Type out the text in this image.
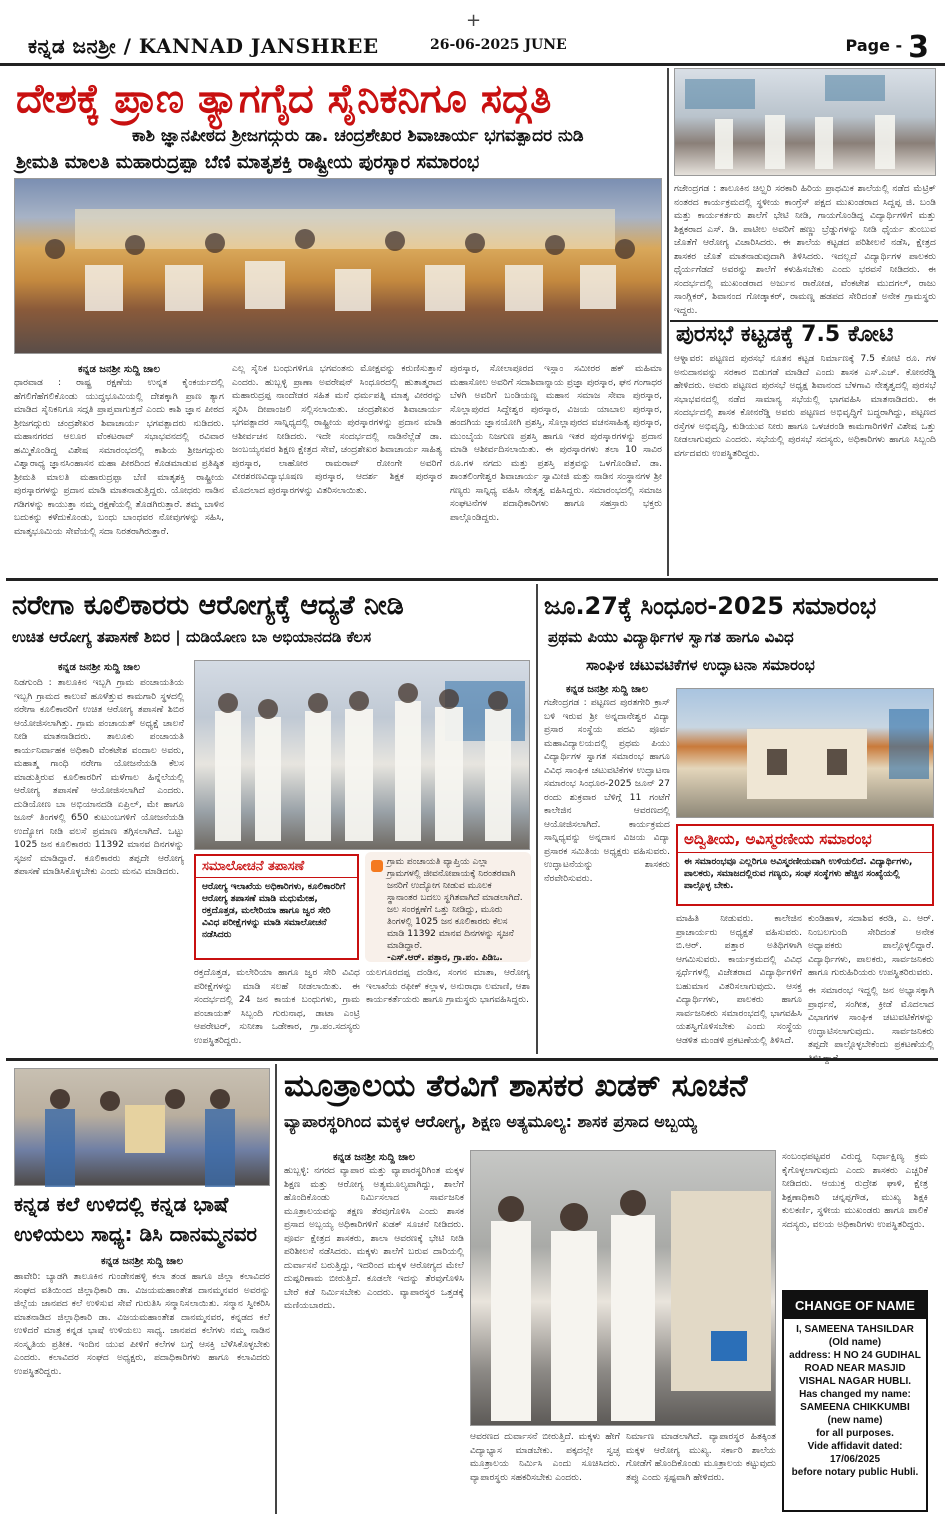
+
ಕನ್ನಡ ಜನಶ್ರೀ / KANNAD JANSHREE	26-06-2025 JUNE	Page - 3
ದೇಶಕ್ಕೆ ಪ್ರಾಣ ತ್ಯಾಗಗೈದ ಸೈನಿಕನಿಗೂ ಸದ್ಗತಿ
ಕಾಶಿ ಜ್ಞಾನಪೀಠದ ಶ್ರೀಜಗದ್ಗುರು ಡಾ. ಚಂದ್ರಶೇಖರ ಶಿವಾಚಾರ್ಯ ಭಗವತ್ಪಾದರ ನುಡಿ
ಶ್ರೀಮತಿ ಮಾಲತಿ ಮಹಾರುದ್ರಪ್ಪಾ ಬೆಣಿ ಮಾತೃಶಕ್ತಿ ರಾಷ್ಟ್ರೀಯ ಪುರಸ್ಕಾರ ಸಮಾರಂಭ
ಕನ್ನಡ ಜನಶ್ರೀ ಸುದ್ದಿ ಜಾಲ
ಧಾರವಾಡ : ರಾಷ್ಟ್ರ ರಕ್ಷಣೆಯ ಉನ್ನತ ಕೈಂಕರ್ಯದಲ್ಲಿ ಹೆಗಲಿಗೆಹೆಗಲಿಕೊಂಡು ಯುದ್ಧಭೂಮಿಯಲ್ಲಿ ದೇಶಕ್ಕಾಗಿ ಪ್ರಾಣ ತ್ಯಾಗ ಮಾಡಿದ ಸೈನಿಕನಿಗೂ ಸದ್ಗತಿ ಪ್ರಾಪ್ತವಾಗುತ್ತದೆ ಎಂದು ಕಾಶಿ ಜ್ಞಾನ ಪೀಠದ ಶ್ರೀಜಗದ್ಗುರು ಚಂದ್ರಶೇಖರ ಶಿವಾಚಾರ್ಯ ಭಗವತ್ಪಾದರು ನುಡಿದರು. ಮಹಾನಗರದ ಆಲೂರ ವೆಂಕಟರಾವ್ ಸಭಾಭವನದಲ್ಲಿ ರವಿವಾರ ಹಮ್ಮಿಕೊಂಡಿದ್ದ ವಿಶೇಷ ಸಮಾರಂಭದಲ್ಲಿ ಕಾಶಿಯ ಶ್ರೀಜಗದ್ಗುರು ವಿಶ್ವಾರಾಧ್ಯ ಜ್ಞಾನಸಿಂಹಾಸನ ಮಹಾ ಪೀಠದಿಂದ ಕೊಡಮಾಡುವ ಪ್ರತಿಷ್ಠಿತ ಶ್ರೀಮತಿ ಮಾಲತಿ ಮಹಾರುದ್ರಪ್ಪಾ ಬೆಣಿ ಮಾತೃಶಕ್ತಿ ರಾಷ್ಟ್ರೀಯ ಪುರಸ್ಕಾರಗಳನ್ನು ಪ್ರದಾನ ಮಾಡಿ ಮಾತನಾಡುತ್ತಿದ್ದರು. ಯೋಧರು ನಾಡಿನ ಗಡಿಗಳನ್ನು ಕಾಯುತ್ತಾ ನಮ್ಮ ರಕ್ಷಣೆಯಲ್ಲಿ ತೊಡಗಿರುತ್ತಾರೆ. ತಮ್ಮ ಬಾಳಿನ ಬದುಕನ್ನು ಕಳೆದುಕೊಂಡು, ಬಂಧು ಬಾಂಧವರ ನೋವುಗಳನ್ನು ಸಹಿಸಿ, ಮಾತೃಭೂಮಿಯ ಸೇವೆಯಲ್ಲಿ ಸದಾ ನಿರತರಾಗಿರುತ್ತಾರೆ.
ಎಲ್ಲ ಸೈನಿಕ ಬಂಧುಗಳಿಗೂ ಭಗವಂತನು ಮೋಕ್ಷವನ್ನು ಕರುಣಿಸುತ್ತಾನೆ ಎಂದರು. ಹುಬ್ಬಳ್ಳಿ ಪ್ರಾಣಾ ಅವರೇಷನ್ ಸಿಂಧೂರದಲ್ಲಿ ಹುತಾತ್ಮರಾದ ಮಹಾರುದ್ರಪ್ಪ ನಾಂದೇಡರ ಸಹಿತ ಮನೆ ಧರ್ಮಪತ್ನಿ ಮಾತೃ ವೀರರನ್ನು ಸ್ಮರಿಸಿ ದೀಪಾಂಜಲಿ ಸಲ್ಲಿಸಲಾಯಿತು. ಚಂದ್ರಶೇಖರ ಶಿವಾಚಾರ್ಯ ಭಗವತ್ಪಾದರ ಸಾನ್ನಿಧ್ಯದಲ್ಲಿ ರಾಷ್ಟ್ರೀಯ ಪುರಸ್ಕಾರಗಳನ್ನು ಪ್ರದಾನ ಮಾಡಿ ಆಶೀರ್ವಚನ ನೀಡಿದರು. ಇದೇ ಸಂದರ್ಭದಲ್ಲಿ ನಾಡಿನೆಲ್ಲೆಡೆ ಡಾ. ಜಂಬಯ್ಯನವರ ಶಿಕ್ಷಣ ಕ್ಷೇತ್ರದ ಸೇವೆ, ಚಂದ್ರಶೇಖರ ಶಿವಾಚಾರ್ಯ ಸಾಹಿತ್ಯ ಪುರಸ್ಕಾರ, ಲಾಹೋರ ರಾಮರಾವ್ ರೋಂಗೇ ಅವರಿಗೆ ವೀರಶರಣವಿದ್ಯಾಭೂಷಣ ಪುರಸ್ಕಾರ, ಆದರ್ಶ ಶಿಕ್ಷಕ ಪುರಸ್ಕಾರ ಮೊದಲಾದ ಪುರಸ್ಕಾರಗಳನ್ನು ವಿತರಿಸಲಾಯಿತು.
ಪುರಸ್ಕಾರ, ಸೋಲಾಪೂರದ ಇಸ್ಲಾಂ ಸಮೀರರ ಹಕ್ ಮಹಿಮಾ ಮಹಾಸೋಲ ಅವರಿಗೆ ಸದಾಶಿವಾನ್ನಾಯ ಪ್ರಜ್ಞಾ ಪುರಸ್ಕಾರ, ಘನ ಗಂಗಾಧರ ಬೆಳಗಿ ಅವರಿಗೆ ಬಂಡಿಯಣ್ಣ ಮಹಾನ ಸಮಾಜ ಸೇವಾ ಪುರಸ್ಕಾರ, ಸೊಲ್ಲಾಪುರದ ಸಿದ್ದೇಶ್ವರ ಪುರಸ್ಕಾರ, ವಿಜಯ ಯಾಬಾಲ ಪುರಸ್ಕಾರ, ಹಂದಗಿಯ ಜ್ಞಾನಯೋಗಿ ಪ್ರಶಸ್ತಿ, ಸೊಲ್ಲಾಪುರದ ವಚನಸಾಹಿತ್ಯ ಪುರಸ್ಕಾರ, ಮುಂಬೈಯ ನಿಜಗುಣ ಪ್ರಶಸ್ತಿ ಹಾಗೂ ಇತರ ಪುರಸ್ಕಾರಗಳನ್ನು ಪ್ರದಾನ ಮಾಡಿ ಆಶೀರ್ವದಿಸಲಾಯಿತು. ಈ ಪುರಸ್ಕಾರಗಳು ತಲಾ 10 ಸಾವಿರ ರೂ.ಗಳ ನಗದು ಮತ್ತು ಪ್ರಶಸ್ತಿ ಪತ್ರವನ್ನು ಒಳಗೊಂಡಿವೆ. ಡಾ. ಶಾಂತಲಿಂಗೇಶ್ವರ ಶಿವಾಚಾರ್ಯ ಸ್ವಾಮೀಜಿ ಮತ್ತು ನಾಡಿನ ಸಂಸ್ಥಾನಗಳ ಶ್ರೀ ಗಣ್ಯರು ಸಾನ್ನಿಧ್ಯ ವಹಿಸಿ ನೇತೃತ್ವ ವಹಿಸಿದ್ದರು. ಸಮಾರಂಭದಲ್ಲಿ ಸಮಾಜ ಸಂಘಟನೆಗಳ ಪದಾಧಿಕಾರಿಗಳು ಹಾಗೂ ಸಹಸ್ರಾರು ಭಕ್ತರು ಪಾಲ್ಗೊಂಡಿದ್ದರು.
ಗಜೇಂದ್ರಗಡ : ತಾಲೂಕಿನ ಚಿಲ್ಝರಿ ಸರಕಾರಿ ಹಿರಿಯ ಪ್ರಾಥಮಿಕ ಶಾಲೆಯಲ್ಲಿ ನಡೆದ ಮೆಟ್ರಿಕ್ ನಂತರದ ಕಾರ್ಯಕ್ರಮದಲ್ಲಿ ಸ್ಥಳೀಯ ಕಾಂಗ್ರೆಸ್ ಪಕ್ಷದ ಮುಖಂಡರಾದ ಸಿದ್ದಪ್ಪ ಜಿ. ಬಂಡಿ ಮತ್ತು ಕಾರ್ಯಕರ್ತರು ಶಾಲೆಗೆ ಭೇಟಿ ನೀಡಿ, ಗಾಯಗೊಂಡಿದ್ದ ವಿದ್ಯಾರ್ಥಿಗಳಿಗೆ ಮತ್ತು ಶಿಕ್ಷಕರಾದ ಎಸ್. ಡಿ. ಪಾಟೀಲ ಅವರಿಗೆ ಹಣ್ಣು ಬ್ರೆಡ್ಡುಗಳನ್ನು ನೀಡಿ ಧೈರ್ಯ ತುಂಬುವ ಜೊತೆಗೆ ಆರೋಗ್ಯ ವಿಚಾರಿಸಿದರು. ಈ ಶಾಲೆಯ ಕಟ್ಟಡದ ಪರಿಶೀಲನೆ ನಡೆಸಿ, ಕ್ಷೇತ್ರದ ಶಾಸಕರ ಜೊತೆ ಮಾತನಾಡುವುದಾಗಿ ತಿಳಿಸಿದರು. ಇದಲ್ಲದೆ ವಿದ್ಯಾರ್ಥಿಗಳ ಪಾಲಕರು ಧೈರ್ಯಗೆಡದೆ ಅವರನ್ನು ಶಾಲೆಗೆ ಕಳುಹಿಸಬೇಕು ಎಂದು ಭರವಸೆ ನೀಡಿದರು. ಈ ಸಂದರ್ಭದಲ್ಲಿ ಮುಖಂಡರಾದ ಅರ್ಜುನ ರಾಠೋಡ, ವೆಂಕಟೇಶ ಮುದಗಲ್, ರಾಜು ಸಾಂಗ್ಲಿಕರ್, ಶಿವಾನಂದ ಗೋಡ್ಕಾಕರ್, ರಾಮಣ್ಣ ಹಡಪದ ಸೇರಿದಂತೆ ಅನೇಕ ಗ್ರಾಮಸ್ಥರು ಇದ್ದರು.
ಪುರಸಭೆ ಕಟ್ಟಡಕ್ಕೆ 7.5 ಕೋಟಿ
ಆಳ್ನಾವರ: ಪಟ್ಟಣದ ಪುರಸಭೆ ನೂತನ ಕಟ್ಟಡ ನಿರ್ಮಾಣಕ್ಕೆ 7.5 ಕೋಟಿ ರೂ. ಗಳ ಅನುದಾನವನ್ನು ಸರಕಾರ ಬಿಡುಗಡೆ ಮಾಡಿದೆ ಎಂದು ಶಾಸಕ ಎಸ್.ಎಚ್. ಕೋನರೆಡ್ಡಿ ಹೇಳಿದರು. ಅವರು ಪಟ್ಟಣದ ಪುರಸಭೆ ಅಧ್ಯಕ್ಷ ಶಿವಾನಂದ ಬೆಳಗಾವಿ ನೇತೃತ್ವದಲ್ಲಿ ಪುರಸಭೆ ಸಭಾಭವನದಲ್ಲಿ ನಡೆದ ಸಾಮಾನ್ಯ ಸಭೆಯಲ್ಲಿ ಭಾಗವಹಿಸಿ ಮಾತನಾಡಿದರು. ಈ ಸಂದರ್ಭದಲ್ಲಿ ಶಾಸಕ ಕೋನರೆಡ್ಡಿ ಅವರು ಪಟ್ಟಣದ ಅಭಿವೃದ್ಧಿಗೆ ಬದ್ಧರಾಗಿದ್ದು, ಪಟ್ಟಣದ ರಸ್ತೆಗಳ ಅಭಿವೃದ್ಧಿ, ಕುಡಿಯುವ ನೀರು ಹಾಗೂ ಒಳಚರಂಡಿ ಕಾಮಗಾರಿಗಳಿಗೆ ವಿಶೇಷ ಒತ್ತು ನೀಡಲಾಗುವುದು ಎಂದರು. ಸಭೆಯಲ್ಲಿ ಪುರಸಭೆ ಸದಸ್ಯರು, ಅಧಿಕಾರಿಗಳು ಹಾಗೂ ಸಿಬ್ಬಂದಿ ವರ್ಗದವರು ಉಪಸ್ಥಿತರಿದ್ದರು.
ನರೇಗಾ ಕೂಲಿಕಾರರು ಆರೋಗ್ಯಕ್ಕೆ ಆದ್ಯತೆ ನೀಡಿ
ಉಚಿತ ಆರೋಗ್ಯ ತಪಾಸಣೆ ಶಿಬಿರ | ದುಡಿಯೋಣ ಬಾ ಅಭಿಯಾನದಡಿ ಕೆಲಸ
ಕನ್ನಡ ಜನಶ್ರೀ ಸುದ್ದಿ ಜಾಲ
ನಿಡಗುಂದಿ : ತಾಲೂಕಿನ ಇಬ್ಬಗಿ ಗ್ರಾಮ ಪಂಚಾಯತಿಯ ಇಬ್ಬಗಿ ಗ್ರಾಮದ ಕಾಲುವೆ ಹೂಳೆತ್ತುವ ಕಾಮಗಾರಿ ಸ್ಥಳದಲ್ಲಿ ನರೇಗಾ ಕೂಲಿಕಾರರಿಗೆ ಉಚಿತ ಆರೋಗ್ಯ ತಪಾಸಣೆ ಶಿಬಿರ ಆಯೋಜಿಸಲಾಗಿತ್ತು. ಗ್ರಾಮ ಪಂಚಾಯತ್ ಅಧ್ಯಕ್ಷೆ ಚಾಲನೆ ನೀಡಿ ಮಾತನಾಡಿದರು. ತಾಲೂಕು ಪಂಚಾಯತಿ ಕಾರ್ಯನಿರ್ವಾಹಕ ಅಧಿಕಾರಿ ವೆಂಕಟೇಶ ವಂದಾಲ ಅವರು, ಮಹಾತ್ಮ ಗಾಂಧಿ ನರೇಗಾ ಯೋಜನೆಯಡಿ ಕೆಲಸ ಮಾಡುತ್ತಿರುವ ಕೂಲಿಕಾರರಿಗೆ ಮಳೆಗಾಲ ಹಿನ್ನೆಲೆಯಲ್ಲಿ ಆರೋಗ್ಯ ತಪಾಸಣೆ ಆಯೋಜಿಸಲಾಗಿದೆ ಎಂದರು. ದುಡಿಯೋಣ ಬಾ ಅಭಿಯಾನದಡಿ ಏಪ್ರಿಲ್, ಮೇ ಹಾಗೂ ಜೂನ್ ತಿಂಗಳಲ್ಲಿ 650 ಕುಟುಂಬಗಳಿಗೆ ಯೋಜನೆಯಡಿ ಉದ್ಯೋಗ ನೀಡಿ ವಲಸೆ ಪ್ರಮಾಣ ತಗ್ಗಿಸಲಾಗಿದೆ. ಒಟ್ಟು 1025 ಜನ ಕೂಲಿಕಾರರು 11392 ಮಾನವ ದಿನಗಳನ್ನು ಸೃಜನೆ ಮಾಡಿದ್ದಾರೆ. ಕೂಲಿಕಾರರು ತಪ್ಪದೇ ಆರೋಗ್ಯ ತಪಾಸಣೆ ಮಾಡಿಸಿಕೊಳ್ಳಬೇಕು ಎಂದು ಮನವಿ ಮಾಡಿದರು.	ಸಮಾಲೋಚನೆ ತಪಾಸಣೆ
ಆರೋಗ್ಯ ಇಲಾಖೆಯ ಅಧಿಕಾರಿಗಳು, ಕೂಲಿಕಾರರಿಗೆ ಆರೋಗ್ಯ ತಪಾಸಣೆ ಮಾಡಿ ಮಧುಮೇಹ, ರಕ್ತದೊತ್ತಡ, ಮಲೇರಿಯಾ ಹಾಗೂ ಜ್ವರ ಸೇರಿ ವಿವಿಧ ಪರೀಕ್ಷೆಗಳನ್ನು ಮಾಡಿ ಸಮಾಲೋಚನೆ ನಡೆಸಿದರು
ಗ್ರಾಮ ಪಂಚಾಯತಿ ವ್ಯಾಪ್ತಿಯ ಎಲ್ಲಾ ಗ್ರಾಮಗಳಲ್ಲಿ ಜೀವನೋಪಾಯಕ್ಕೆ ನಿರಂತರವಾಗಿ ಜನರಿಗೆ ಉದ್ಯೋಗ ನೀಡುವ ಮೂಲಕ ಸ್ಥಾನಾಂತರ ಬದಲು ಸ್ಥಗಿತವಾಗಿದೆ ಮಾಡಲಾಗಿದೆ. ಜಲ ಸಂರಕ್ಷಣೆಗೆ ಒತ್ತು ನೀಡಿದ್ದು, ಮೂರು ತಿಂಗಳಲ್ಲಿ 1025 ಜನ ಕೂಲಿಕಾರರು ಕೆಲಸ ಮಾಡಿ 11392 ಮಾನವ ದಿನಗಳನ್ನು ಸೃಜನೆ ಮಾಡಿದ್ದಾರೆ.
-ಎಸ್.ಆರ್. ಪತ್ತಾರ, ಗ್ರಾ.ಪಂ. ಪಿಡಿಒ.
ರಕ್ತದೊತ್ತಡ, ಮಲೇರಿಯಾ ಹಾಗೂ ಜ್ವರ ಸೇರಿ ವಿವಿಧ ಪರೀಕ್ಷೆಗಳನ್ನು ಮಾಡಿ ಸಲಹೆ ನೀಡಲಾಯಿತು. ಈ ಸಂದರ್ಭದಲ್ಲಿ 24 ಜನ ಕಾಯಕ ಬಂಧುಗಳು, ಗ್ರಾಮ ಪಂಚಾಯತ್ ಸಿಬ್ಬಂದಿ ಗುರುನಾಥ, ಡಾಟಾ ಎಂಟ್ರಿ ಆಪರೇಟರ್, ಸುನೀತಾ ಒಡೇಕಾರ, ಗ್ರಾ.ಪಂ.ಸದಸ್ಯರು ಉಪಸ್ಥಿತರಿದ್ದರು.
ಯಲಗೂರದಪ್ಪ ದಂಡಿನ, ಸಂಗನ ಮಾತಾ, ಆರೋಗ್ಯ ಇಲಾಖೆಯ ರಫೀಕ್ ಕಲ್ಲಾಳ, ಅನುರಾಧಾ ಲಮಾಣಿ, ಆಶಾ ಕಾರ್ಯಕರ್ತೆಯರು ಹಾಗೂ ಗ್ರಾಮಸ್ಥರು ಭಾಗವಹಿಸಿದ್ದರು.
ಜೂ.27ಕ್ಕೆ ಸಿಂಧೂರ-2025 ಸಮಾರಂಭ
ಪ್ರಥಮ ಪಿಯು ವಿದ್ಯಾರ್ಥಿಗಳ ಸ್ವಾಗತ ಹಾಗೂ ವಿವಿಧ
ಸಾಂಘಿಕ ಚಟುವಟಿಕೆಗಳ ಉದ್ಘಾಟನಾ ಸಮಾರಂಭ
ಕನ್ನಡ ಜನಶ್ರೀ ಸುದ್ದಿ ಜಾಲ
ಗಜೇಂದ್ರಗಡ : ಪಟ್ಟಣದ ಪುರತಗೇರಿ ಕ್ರಾಸ್ ಬಳಿ ಇರುವ ಶ್ರೀ ಅನ್ನದಾನೇಶ್ವರ ವಿದ್ಯಾ ಪ್ರಸಾರ ಸಂಸ್ಥೆಯ ಪದವಿ ಪೂರ್ವ ಮಹಾವಿದ್ಯಾಲಯದಲ್ಲಿ ಪ್ರಥಮ ಪಿಯು ವಿದ್ಯಾರ್ಥಿಗಳ ಸ್ವಾಗತ ಸಮಾರಂಭ ಹಾಗೂ ವಿವಿಧ ಸಾಂಘಿಕ ಚಟುವಟಿಕೆಗಳ ಉದ್ಘಾಟನಾ ಸಮಾರಂಭ ಸಿಂಧೂರ-2025 ಜೂನ್ 27 ರಂದು ಶುಕ್ರವಾರ ಬೆಳಿಗ್ಗೆ 11 ಗಂಟೆಗೆ ಕಾಲೇಜಿನ ಆವರಣದಲ್ಲಿ ಆಯೋಜಿಸಲಾಗಿದೆ. ಕಾರ್ಯಕ್ರಮದ ಸಾನ್ನಿಧ್ಯವನ್ನು ಅನ್ನದಾನ ವಿಜಯ ವಿದ್ಯಾ ಪ್ರಸಾರಕ ಸಮಿತಿಯ ಅಧ್ಯಕ್ಷರು ವಹಿಸುವರು. ಉದ್ಘಾಟನೆಯನ್ನು ಶಾಸಕರು ನೆರವೇರಿಸುವರು.
ಅದ್ವಿತೀಯ, ಅವಿಸ್ಮರಣೀಯ ಸಮಾರಂಭ
ಈ ಸಮಾರಂಭವೂ ಎಲ್ಲರಿಗೂ ಅವಿಸ್ಮರಣೀಯವಾಗಿ ಉಳಿಯಲಿದೆ. ವಿದ್ಯಾರ್ಥಿಗಳು, ಪಾಲಕರು, ಸಮಾಜದಲ್ಲಿರುವ ಗಣ್ಯರು, ಸಂಘ ಸಂಸ್ಥೆಗಳು ಹೆಚ್ಚಿನ ಸಂಖ್ಯೆಯಲ್ಲಿ ಪಾಲ್ಗೊಳ್ಳ ಬೇಕು.
ಮಾಹಿತಿ ನೀಡುವರು. ಕಾಲೇಜಿನ ಪ್ರಾಚಾರ್ಯರು ಅಧ್ಯಕ್ಷತೆ ವಹಿಸುವರು. ಬಿ.ಆರ್. ಪತ್ತಾರ ಅತಿಥಿಗಳಾಗಿ ಆಗಮಿಸುವರು. ಕಾರ್ಯಕ್ರಮದಲ್ಲಿ ವಿವಿಧ ಸ್ಪರ್ಧೆಗಳಲ್ಲಿ ವಿಜೇತರಾದ ವಿದ್ಯಾರ್ಥಿಗಳಿಗೆ ಬಹುಮಾನ ವಿತರಿಸಲಾಗುವುದು. ಆಸಕ್ತ ವಿದ್ಯಾರ್ಥಿಗಳು, ಪಾಲಕರು ಹಾಗೂ ಸಾರ್ವಜನಿಕರು ಸಮಾರಂಭದಲ್ಲಿ ಭಾಗವಹಿಸಿ ಯಶಸ್ವಿಗೊಳಿಸಬೇಕು ಎಂದು ಸಂಸ್ಥೆಯ ಆಡಳಿತ ಮಂಡಳಿ ಪ್ರಕಟಣೆಯಲ್ಲಿ ತಿಳಿಸಿದೆ.
ಕುಂಡಿಹಾಳ, ಸದಾಶಿವ ಕರಡಿ, ಎ. ಆರ್. ನಿಂಬಲಗುಂದಿ ಸೇರಿದಂತೆ ಅನೇಕ ಅಧ್ಯಾಪಕರು ಪಾಲ್ಗೊಳ್ಳಲಿದ್ದಾರೆ. ವಿದ್ಯಾರ್ಥಿಗಳು, ಪಾಲಕರು, ಸಾರ್ವಜನಿಕರು ಹಾಗೂ ಗುರುಹಿರಿಯರು ಉಪಸ್ಥಿತರಿರುವರು.
ಈ ಸಮಾರಂಭ ಇದ್ದಲ್ಲಿ ಜನ ಅಭ್ಯಾಸಕ್ಕಾಗಿ ಪ್ರಾರ್ಥನೆ, ಸಂಗೀತ, ಕ್ರೀಡೆ ಮೊದಲಾದ ವಿಭಾಗಗಳ ಸಾಂಘಿಕ ಚಟುವಟಿಕೆಗಳನ್ನು ಉದ್ಘಾಟಿಸಲಾಗುವುದು. ಸಾರ್ವಜನಿಕರು ತಪ್ಪದೇ ಪಾಲ್ಗೊಳ್ಳಬೇಕೆಂದು ಪ್ರಕಟಣೆಯಲ್ಲಿ
ಕನ್ನಡ ಕಲೆ ಉಳಿದಲ್ಲಿ ಕನ್ನಡ ಭಾಷೆ
ಉಳಿಯಲು ಸಾಧ್ಯ: ಡಿಸಿ ದಾನಮ್ಮನವರ
ಕನ್ನಡ ಜನಶ್ರೀ ಸುದ್ದಿ ಜಾಲ
ಹಾವೇರಿ: ಬ್ಯಾಡಗಿ ತಾಲೂಕಿನ ಗುಂಡೇನಹಳ್ಳಿ ಕಲಾ ತಂಡ ಹಾಗೂ ಜಿಲ್ಲಾ ಕಲಾವಿದರ ಸಂಘದ ವತಿಯಿಂದ ಜಿಲ್ಲಾಧಿಕಾರಿ ಡಾ. ವಿಜಯಮಹಾಂತೇಶ ದಾನಮ್ಮನವರ ಅವರನ್ನು ಜಿಲ್ಲೆಯ ಜಾನಪದ ಕಲೆ ಉಳಿಸುವ ಸೇವೆ ಗುರುತಿಸಿ ಸನ್ಮಾನಿಸಲಾಯಿತು. ಸನ್ಮಾನ ಸ್ವೀಕರಿಸಿ ಮಾತನಾಡಿದ ಜಿಲ್ಲಾಧಿಕಾರಿ ಡಾ. ವಿಜಯಮಹಾಂತೇಶ ದಾನಮ್ಮನವರ, ಕನ್ನಡದ ಕಲೆ ಉಳಿದರೆ ಮಾತ್ರ ಕನ್ನಡ ಭಾಷೆ ಉಳಿಯಲು ಸಾಧ್ಯ. ಜಾನಪದ ಕಲೆಗಳು ನಮ್ಮ ನಾಡಿನ ಸಂಸ್ಕೃತಿಯ ಪ್ರತೀಕ. ಇಂದಿನ ಯುವ ಪೀಳಿಗೆ ಕಲೆಗಳ ಬಗ್ಗೆ ಆಸಕ್ತಿ ಬೆಳೆಸಿಕೊಳ್ಳಬೇಕು ಎಂದರು. ಕಲಾವಿದರ ಸಂಘದ ಅಧ್ಯಕ್ಷರು, ಪದಾಧಿಕಾರಿಗಳು ಹಾಗೂ ಕಲಾವಿದರು ಉಪಸ್ಥಿತರಿದ್ದರು.
ಮೂತ್ರಾಲಯ ತೆರವಿಗೆ ಶಾಸಕರ ಖಡಕ್ ಸೂಚನೆ
ವ್ಯಾಪಾರಸ್ಥರಿಗಿಂದ ಮಕ್ಕಳ ಆರೋಗ್ಯ, ಶಿಕ್ಷಣ ಅತ್ಯಮೂಲ್ಯ: ಶಾಸಕ ಪ್ರಸಾದ ಅಬ್ಬಯ್ಯ
ಕನ್ನಡ ಜನಶ್ರೀ ಸುದ್ದಿ ಜಾಲ
ಹುಬ್ಬಳ್ಳಿ: ನಗರದ ವ್ಯಾಪಾರ ಮತ್ತು ವ್ಯಾಪಾರಸ್ಥರಿಗಿಂತ ಮಕ್ಕಳ ಶಿಕ್ಷಣ ಮತ್ತು ಆರೋಗ್ಯ ಅತ್ಯಮೂಲ್ಯವಾಗಿದ್ದು, ಶಾಲೆಗೆ ಹೊಂದಿಕೊಂಡು ನಿರ್ಮಿಸಲಾದ ಸಾರ್ವಜನಿಕ ಮೂತ್ರಾಲಯವನ್ನು ತಕ್ಷಣ ತೆರವುಗೊಳಿಸಿ ಎಂದು ಶಾಸಕ ಪ್ರಸಾದ ಅಬ್ಬಯ್ಯ ಅಧಿಕಾರಿಗಳಿಗೆ ಖಡಕ್ ಸೂಚನೆ ನೀಡಿದರು. ಪೂರ್ವ ಕ್ಷೇತ್ರದ ಶಾಸಕರು, ಶಾಲಾ ಆವರಣಕ್ಕೆ ಭೇಟಿ ನೀಡಿ ಪರಿಶೀಲನೆ ನಡೆಸಿದರು. ಮಕ್ಕಳು ಶಾಲೆಗೆ ಬರುವ ದಾರಿಯಲ್ಲಿ ದುರ್ವಾಸನೆ ಬರುತ್ತಿದ್ದು, ಇದರಿಂದ ಮಕ್ಕಳ ಆರೋಗ್ಯದ ಮೇಲೆ ದುಷ್ಪರಿಣಾಮ ಬೀರುತ್ತಿದೆ. ಕೂಡಲೇ ಇದನ್ನು ತೆರವುಗೊಳಿಸಿ ಬೇರೆ ಕಡೆ ನಿರ್ಮಿಸಬೇಕು ಎಂದರು. ವ್ಯಾಪಾರಸ್ಥರ ಒತ್ತಡಕ್ಕೆ ಮಣಿಯಬಾರದು.
ಸಂಬಂಧಪಟ್ಟವರ ವಿರುದ್ಧ ನಿರ್ಧಾಕ್ಷಿಣ್ಯ ಕ್ರಮ ಕೈಗೊಳ್ಳಲಾಗುವುದು ಎಂದು ಶಾಸಕರು ಎಚ್ಚರಿಕೆ ನೀಡಿದರು. ಆಯುಕ್ತ ರುದ್ರೇಶ ಘಾಳಿ, ಕ್ಷೇತ್ರ ಶಿಕ್ಷಣಾಧಿಕಾರಿ ಚನ್ನಪ್ಪಗೌಡ, ಮುಖ್ಯ ಶಿಕ್ಷಕಿ ಕುಲಕರ್ಣಿ, ಸ್ಥಳೀಯ ಮುಖಂಡರು ಹಾಗೂ ಪಾಲಿಕೆ ಸದಸ್ಯರು, ವಲಯ ಅಧಿಕಾರಿಗಳು ಉಪಸ್ಥಿತರಿದ್ದರು.
ಆವರಣದ ದುರ್ವಾಸನೆ ಬೀರುತ್ತಿದೆ. ಮಕ್ಕಳು ಹೇಗೆ ವಿದ್ಯಾಭ್ಯಾಸ ಮಾಡಬೇಕು. ಪಕ್ಕದಲ್ಲೇ ಸ್ವಚ್ಛ ಮೂತ್ರಾಲಯ ನಿರ್ಮಿಸಿ ಎಂದು ಸೂಚಿಸಿದರು. ವ್ಯಾಪಾರಸ್ಥರು ಸಹಕರಿಸಬೇಕು ಎಂದರು.
ನಿರ್ಮಾಣ ಮಾಡಲಾಗಿದೆ. ವ್ಯಾಪಾರಸ್ಥರ ಹಿತಕ್ಕಿಂತ ಮಕ್ಕಳ ಆರೋಗ್ಯ ಮುಖ್ಯ. ಸರ್ಕಾರಿ ಶಾಲೆಯ ಗೋಡೆಗೆ ಹೊಂದಿಕೊಂಡು ಮೂತ್ರಾಲಯ ಕಟ್ಟುವುದು ತಪ್ಪು ಎಂದು ಸ್ಪಷ್ಟವಾಗಿ ಹೇಳಿದರು.
CHANGE OF NAME
I, SAMEENA TAHSILDAR
(Old name)
address: H NO 24 GUDIHAL
ROAD NEAR MASJID
VISHAL NAGAR HUBLI.
Has changed my name:
SAMEENA CHIKKUMBI
(new name)
for all purposes.
Vide affidavit dated:
17/06/2025
before notary public Hubli.
